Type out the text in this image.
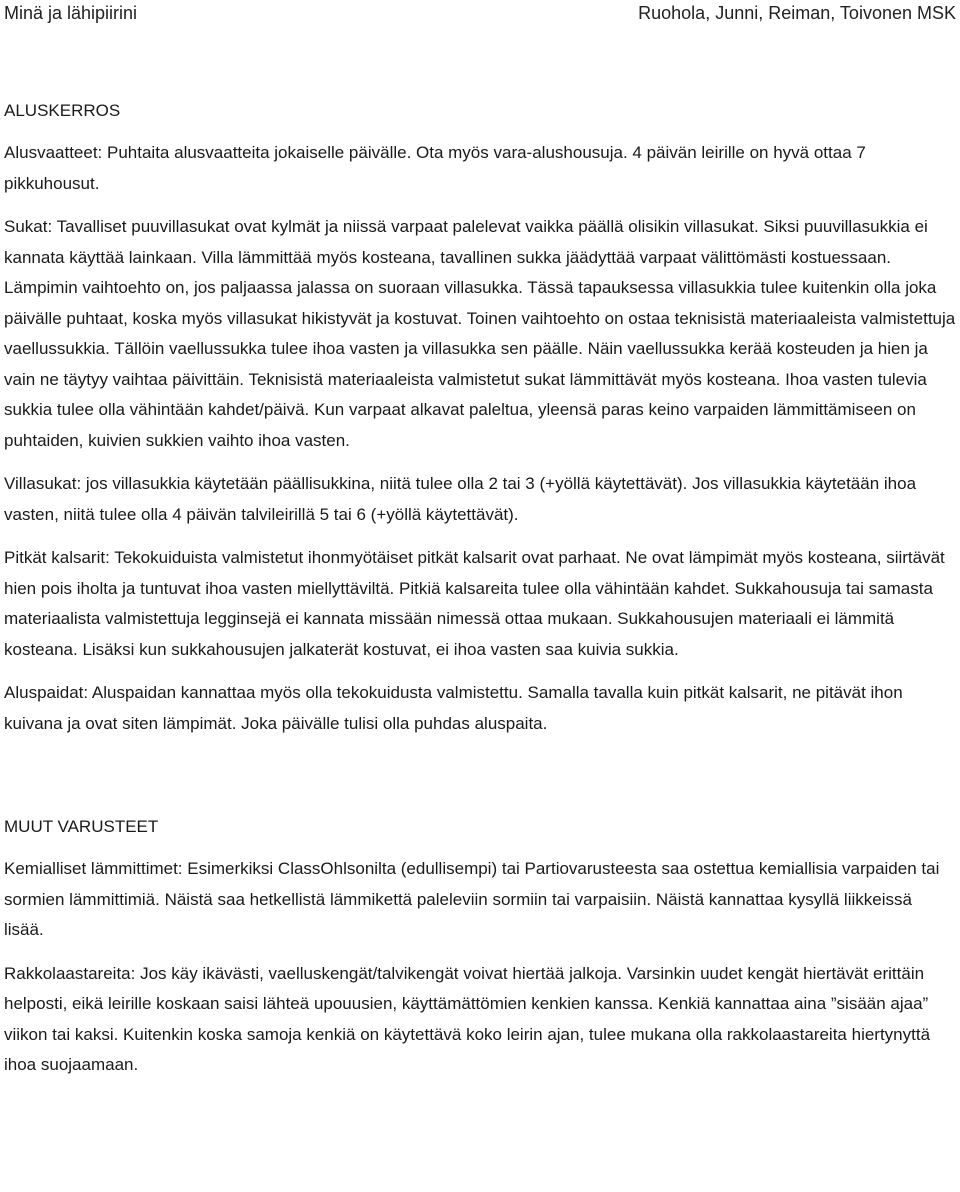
Minä ja lähipiirini	Ruohola, Junni, Reiman, Toivonen MSK
ALUSKERROS

Alusvaatteet: Puhtaita alusvaatteita jokaiselle päivälle. Ota myös vara-alushousuja. 4 päivän leirille on hyvä ottaa 7 pikkuhousut.

Sukat: Tavalliset puuvillasukat ovat kylmät ja niissä varpaat palelevat vaikka päällä olisikin villasukat. Siksi puuvillasukkia ei kannata käyttää lainkaan. Villa lämmittää myös kosteana, tavallinen sukka jäädyttää varpaat välittömästi kostuessaan. Lämpimin vaihtoehto on, jos paljaassa jalassa on suoraan villasukka. Tässä tapauksessa villasukkia tulee kuitenkin olla joka päivälle puhtaat, koska myös villasukat hikistyvät ja kostuvat. Toinen vaihtoehto on ostaa teknisistä materiaaleista valmistettuja vaellussukkia. Tällöin vaellussukka tulee ihoa vasten ja villasukka sen päälle. Näin vaellussukka kerää kosteuden ja hien ja vain ne täytyy vaihtaa päivittäin. Teknisistä materiaaleista valmistetut sukat lämmittävät myös kosteana. Ihoa vasten tulevia sukkia tulee olla vähintään kahdet/päivä. Kun varpaat alkavat paleltua, yleensä paras keino varpaiden lämmittämiseen on puhtaiden, kuivien sukkien vaihto ihoa vasten.

Villasukat: jos villasukkia käytetään päällisukkina, niitä tulee olla 2 tai 3 (+yöllä käytettävät). Jos villasukkia käytetään ihoa vasten, niitä tulee olla 4 päivän talvileirillä 5 tai 6 (+yöllä käytettävät).

Pitkät kalsarit: Tekokuiduista valmistetut ihonmyötäiset pitkät kalsarit ovat parhaat. Ne ovat lämpimät myös kosteana, siirtävät hien pois iholta ja tuntuvat ihoa vasten miellyttäviltä. Pitkiä kalsareita tulee olla vähintään kahdet. Sukkahousuja tai samasta materiaalista valmistettuja legginsejä ei kannata missään nimessä ottaa mukaan. Sukkahousujen materiaali ei lämmitä kosteana. Lisäksi kun sukkahousujen jalkaterät kostuvat, ei ihoa vasten saa kuivia sukkia.

Aluspaidat: Aluspaidan kannattaa myös olla tekokuidusta valmistettu. Samalla tavalla kuin pitkät kalsarit, ne pitävät ihon kuivana ja ovat siten lämpimät. Joka päivälle tulisi olla puhdas aluspaita.

MUUT VARUSTEET

Kemialliset lämmittimet: Esimerkiksi ClassOhlsonilta (edullisempi) tai Partiovarusteesta saa ostettua kemiallisia varpaiden tai sormien lämmittimiä. Näistä saa hetkellistä lämmikettä paleleviin sormiin tai varpaisiin. Näistä kannattaa kysyllä liikkeissä lisää.

Rakkolaastareita: Jos käy ikävästi, vaelluskengät/talvikengät voivat hiertää jalkoja. Varsinkin uudet kengät hiertävät erittäin helposti, eikä leirille koskaan saisi lähteä upouusien, käyttämättömien kenkien kanssa. Kenkiä kannattaa aina ”sisään ajaa” viikon tai kaksi. Kuitenkin koska samoja kenkiä on käytettävä koko leirin ajan, tulee mukana olla rakkolaastareita hiertynyttä ihoa suojaamaan.
